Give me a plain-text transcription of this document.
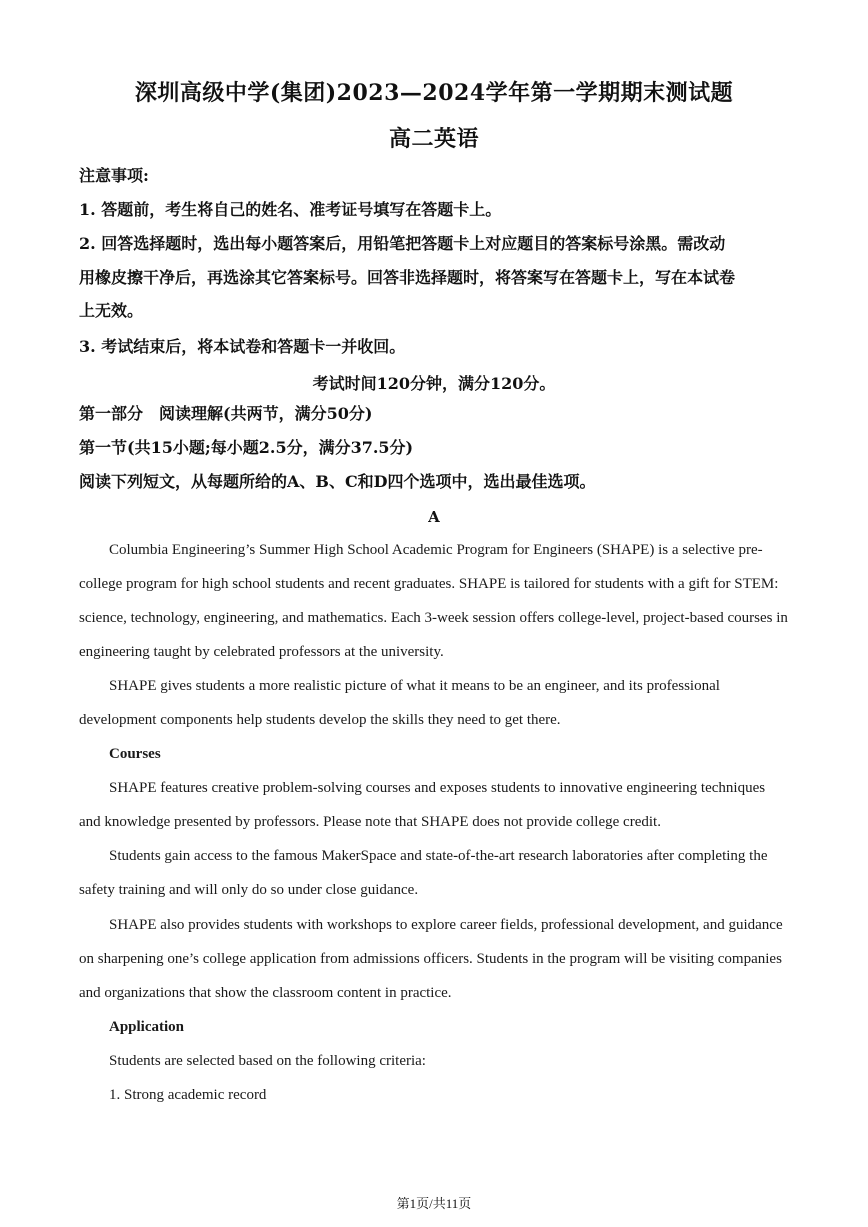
深圳高级中学(集团)2023—2024学年第一学期期末测试题
高二英语
注意事项:
1. 答题前，考生将自己的姓名、准考证号填写在答题卡上。
2. 回答选择题时，选出每小题答案后，用铅笔把答题卡上对应题目的答案标号涂黑。需改动
用橡皮擦干净后，再选涂其它答案标号。回答非选择题时，将答案写在答题卡上，写在本试卷
上无效。
3. 考试结束后，将本试卷和答题卡一并收回。
考试时间120分钟，满分120分。
第一部分　阅读理解(共两节，满分50分)
第一节(共15小题;每小题2.5分，满分37.5分)
阅读下列短文，从每题所给的A、B、C和D四个选项中，选出最佳选项。
A
Columbia Engineering’s Summer High School Academic Program for Engineers (SHAPE) is a selective pre-college program for high school students and recent graduates. SHAPE is tailored for students with a gift for STEM: science, technology, engineering, and mathematics. Each 3-week session offers college-level, project-based courses in engineering taught by celebrated professors at the university.
SHAPE gives students a more realistic picture of what it means to be an engineer, and its professional development components help students develop the skills they need to get there.
Courses
SHAPE features creative problem-solving courses and exposes students to innovative engineering techniques and knowledge presented by professors. Please note that SHAPE does not provide college credit.
Students gain access to the famous MakerSpace and state-of-the-art research laboratories after completing the safety training and will only do so under close guidance.
SHAPE also provides students with workshops to explore career fields, professional development, and guidance on sharpening one’s college application from admissions officers. Students in the program will be visiting companies and organizations that show the classroom content in practice.
Application
Students are selected based on the following criteria:
1. Strong academic record
第1页/共11页
